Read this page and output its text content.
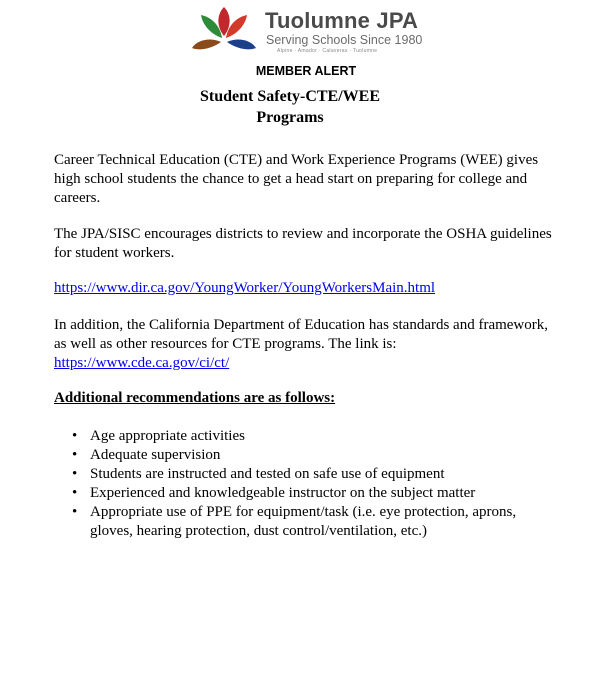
Tuolumne JPA
Serving Schools Since 1980
Alpine · Amador · Calaveras · Tuolumne
MEMBER ALERT
Student Safety-CTE/WEE
Programs

Career Technical Education (CTE) and Work Experience Programs (WEE) gives high school students the chance to get a head start on preparing for college and careers.

The JPA/SISC encourages districts to review and incorporate the OSHA guidelines for student workers.

https://www.dir.ca.gov/YoungWorker/YoungWorkersMain.html

In addition, the California Department of Education has standards and framework, as well as other resources for CTE programs. The link is:  https://www.cde.ca.gov/ci/ct/

Additional recommendations are as follows:

• Age appropriate activities
• Adequate supervision
• Students are instructed and tested on safe use of equipment
• Experienced and knowledgeable instructor on the subject matter
• Appropriate use of PPE for equipment/task (i.e. eye protection, aprons, gloves, hearing protection, dust control/ventilation, etc.)
